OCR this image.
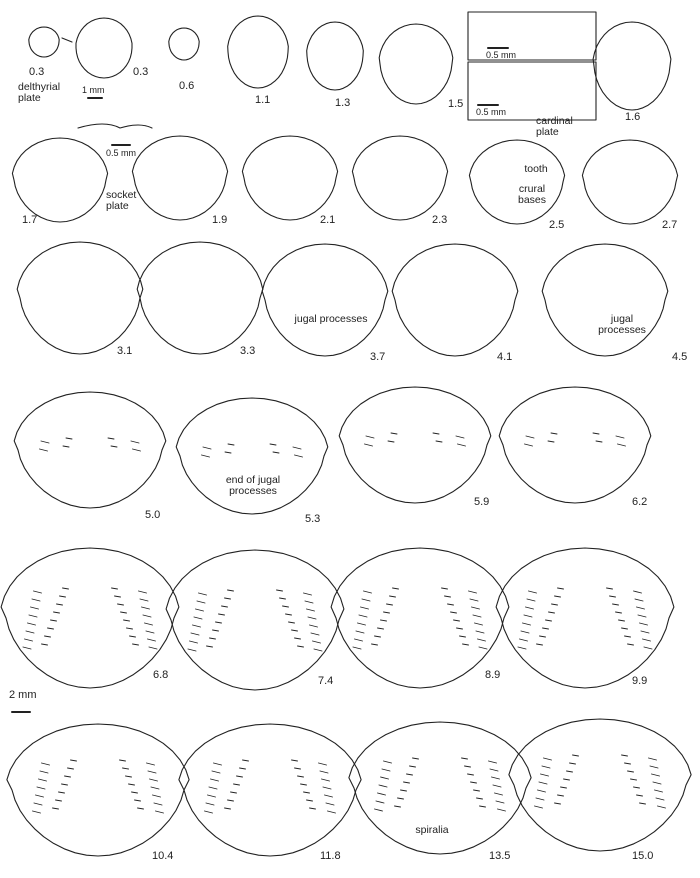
0.3	0.3
0.6
1.1	1.3	1.5
1.6
1.7	1.9	2.1	2.3	2.5	2.7
3.1	3.3	3.7	4.1	4.5
5.0	5.3
5.9	6.2
6.8	7.4	8.9	9.9
10.4	11.8	13.5	15.0
delthyrial plate
cardinal plate
socket plate
tooth
crural bases
jugal processes	jugal processes
end of jugal processes
spiralia
1 mm
0.5 mm
0.5 mm
0.5 mm
2 mm
